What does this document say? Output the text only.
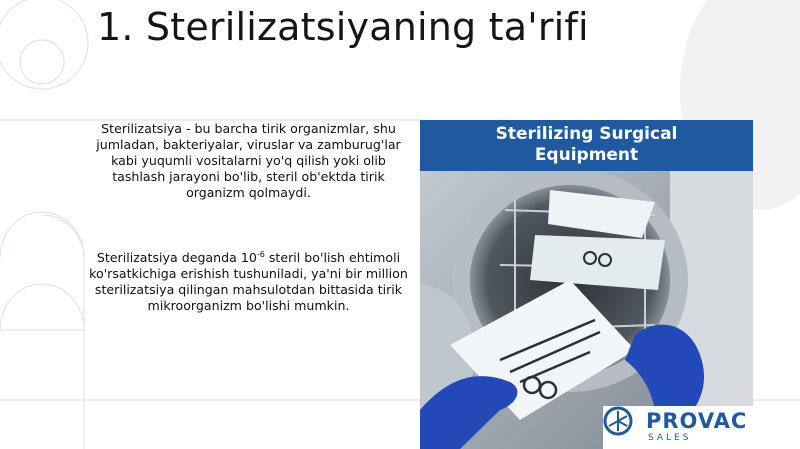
1. Sterilizatsiyaning ta'rifi
Sterilizatsiya - bu barcha tirik organizmlar, shu jumladan, bakteriyalar, viruslar va zamburug'lar kabi yuqumli vositalarni yo'q qilish yoki olib tashlash jarayoni bo'lib, steril ob'ektda tirik organizm qolmaydi.
Sterilizatsiya deganda $10^{-6}$ steril bo'lish ehtimoli ko'rsatkichiga erishish tushuniladi, ya'ni bir million sterilizatsiya qilingan mahsulotdan bittasida tirik mikroorganizm bo'lishi mumkin.
Sterilizing Surgical
Equipment
PROVAC
SALES
